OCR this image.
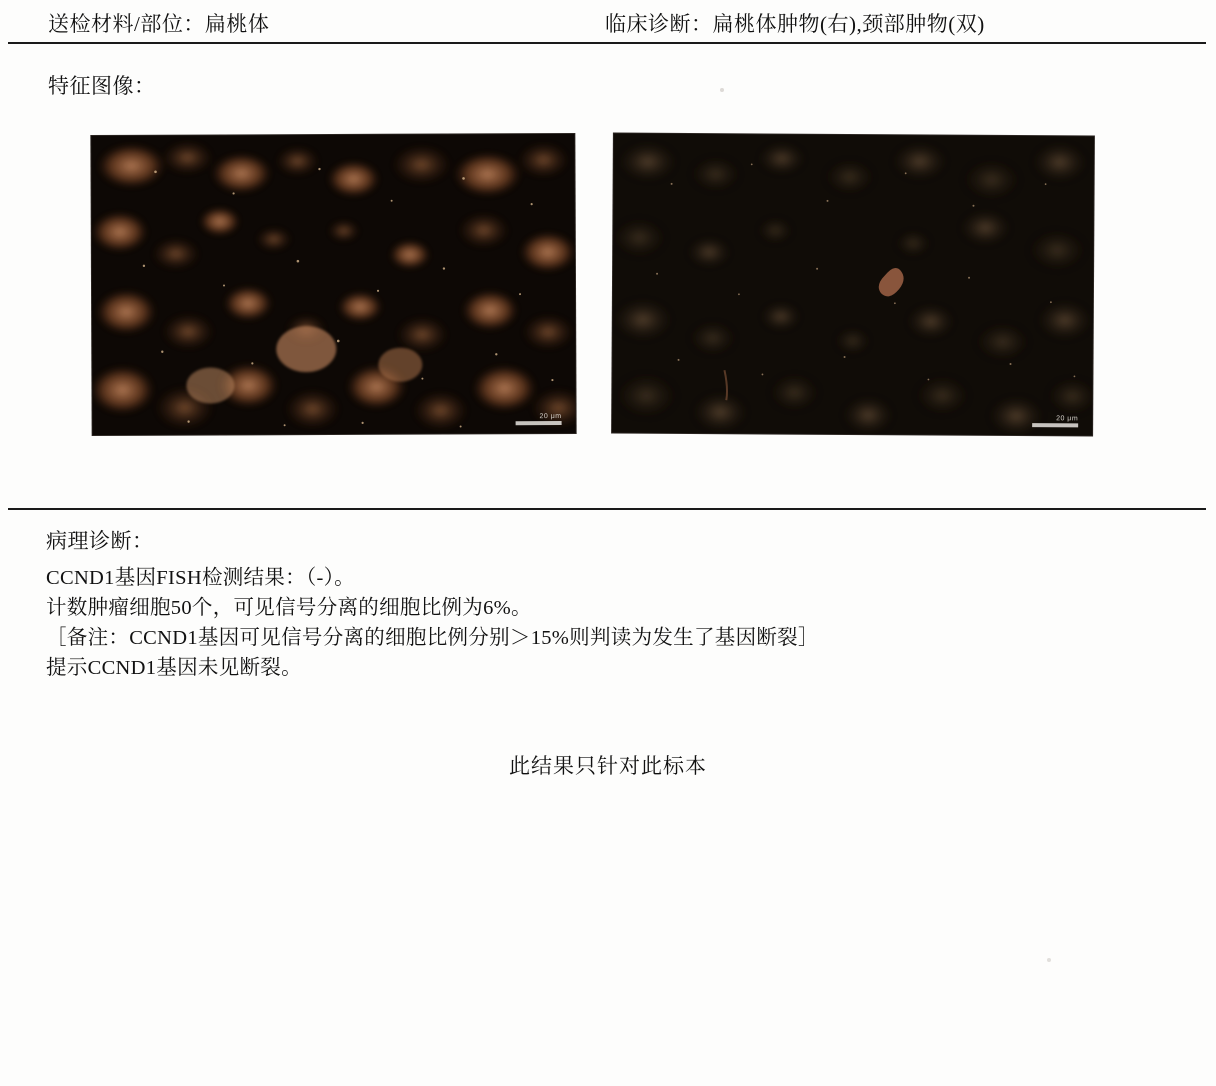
送检材料/部位：扁桃体	临床诊断：扁桃体肿物(右),颈部肿物(双)
特征图像：
20 μm	20 μm
病理诊断：
CCND1基因FISH检测结果：（-）。
计数肿瘤细胞50个，可见信号分离的细胞比例为6%。
［备注：CCND1基因可见信号分离的细胞比例分别＞15%则判读为发生了基因断裂］
提示CCND1基因未见断裂。
此结果只针对此标本
